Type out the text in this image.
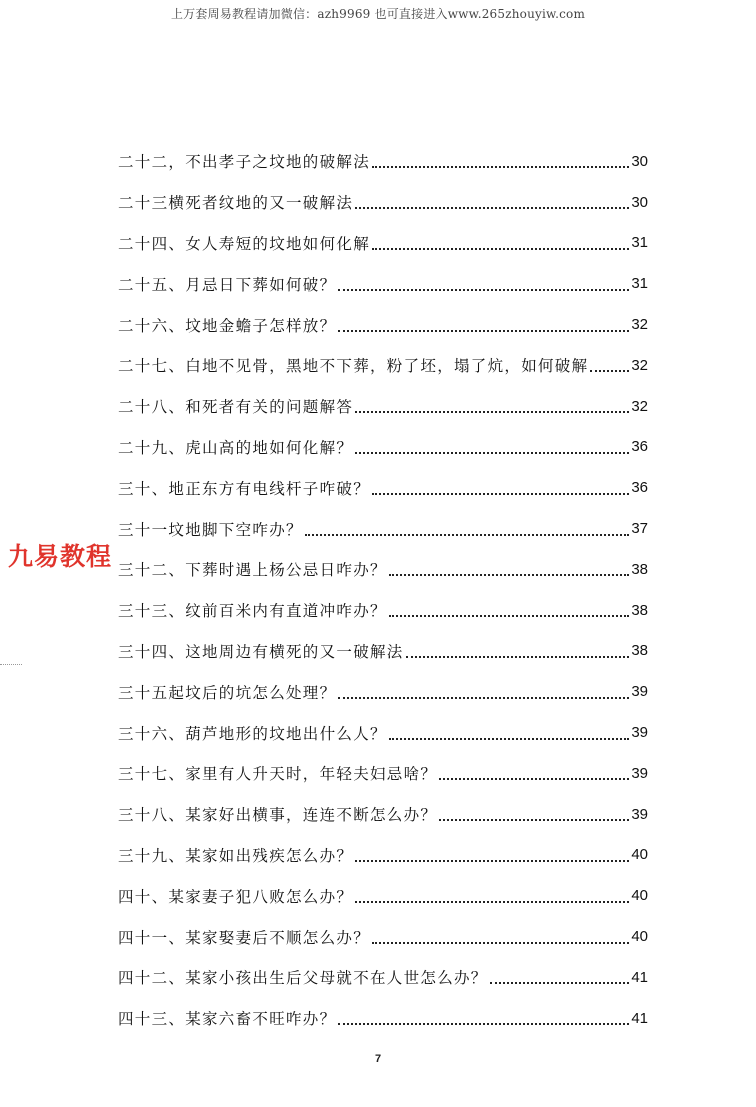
上万套周易教程请加微信：azh9969 也可直接进入www.265zhouyiw.com
二十二，不出孝子之坟地的破解法	30
二十三横死者纹地的又一破解法	30
二十四、女人寿短的坟地如何化解	31
二十五、月忌日下葬如何破？	31
二十六、坟地金蟾子怎样放？	32
二十七、白地不见骨，黑地不下葬，粉了坯，塌了炕，如何破解	32
二十八、和死者有关的问题解答	32
二十九、虎山高的地如何化解？	36
三十、地正东方有电线杆子咋破？	36
三十一坟地脚下空咋办？	37
三十二、下葬时遇上杨公忌日咋办？	38
三十三、纹前百米内有直道冲咋办？	38
三十四、这地周边有横死的又一破解法	38
三十五起坟后的坑怎么处理？	39
三十六、葫芦地形的坟地出什么人？	39
三十七、家里有人升天时，年轻夫妇忌啥？	39
三十八、某家好出横事，连连不断怎么办？	39
三十九、某家如出残疾怎么办？	40
四十、某家妻子犯八败怎么办？	40
四十一、某家娶妻后不顺怎么办？	40
四十二、某家小孩出生后父母就不在人世怎么办？	41
四十三、某家六畜不旺咋办？	41
九易教程
7
